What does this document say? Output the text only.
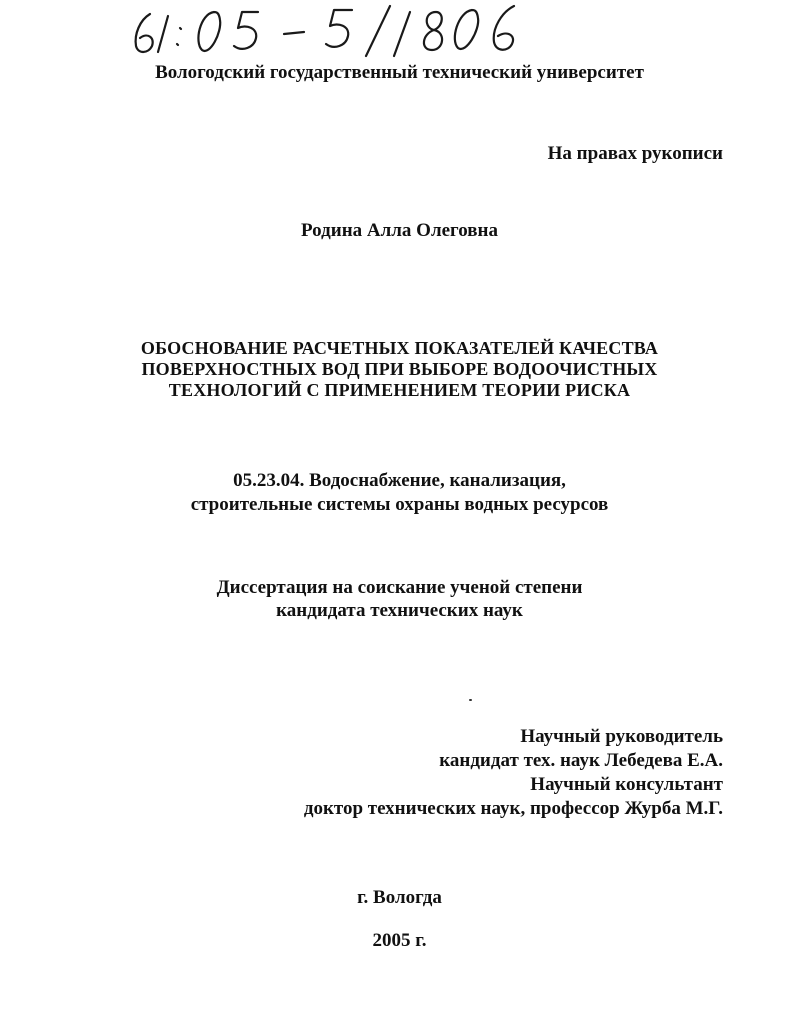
Вологодский государственный технический университет
На правах рукописи
Родина Алла Олеговна
ОБОСНОВАНИЕ РАСЧЕТНЫХ ПОКАЗАТЕЛЕЙ КАЧЕСТВА
ПОВЕРХНОСТНЫХ ВОД ПРИ ВЫБОРЕ ВОДООЧИСТНЫХ
ТЕХНОЛОГИЙ С ПРИМЕНЕНИЕМ ТЕОРИИ РИСКА
05.23.04. Водоснабжение, канализация,
строительные системы охраны водных ресурсов
Диссертация на соискание ученой степени
кандидата технических наук
Научный руководитель
кандидат тех. наук Лебедева Е.А.
Научный консультант
доктор технических наук, профессор Журба М.Г.
г. Вологда
2005 г.
